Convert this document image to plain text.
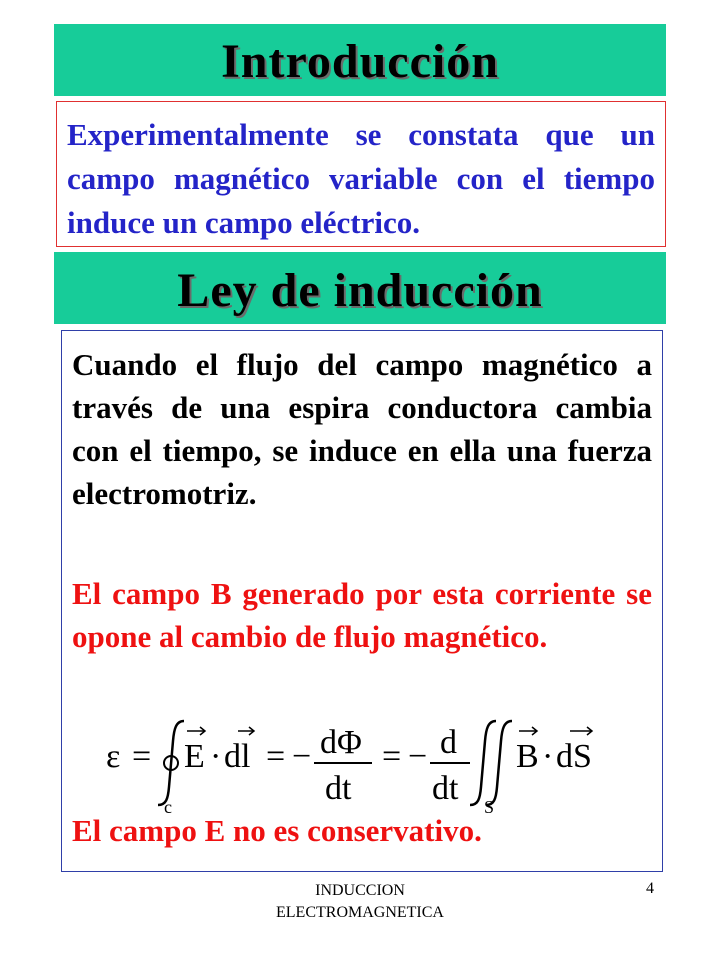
Introducción
Experimentalmente se constata que un campo magnético variable con el tiempo induce un campo eléctrico.
Ley de inducción
Cuando el flujo del campo magnético a través de una espira conductora cambia con el tiempo, se induce en ella una fuerza electromotriz.
El campo B generado por esta corriente se opone al cambio de flujo magnético.
ε =
c
E · dl = − dΦ
dt
= − d
dt S
B · dS
El campo E no es conservativo.
INDUCCION
ELECTROMAGNETICA
4
